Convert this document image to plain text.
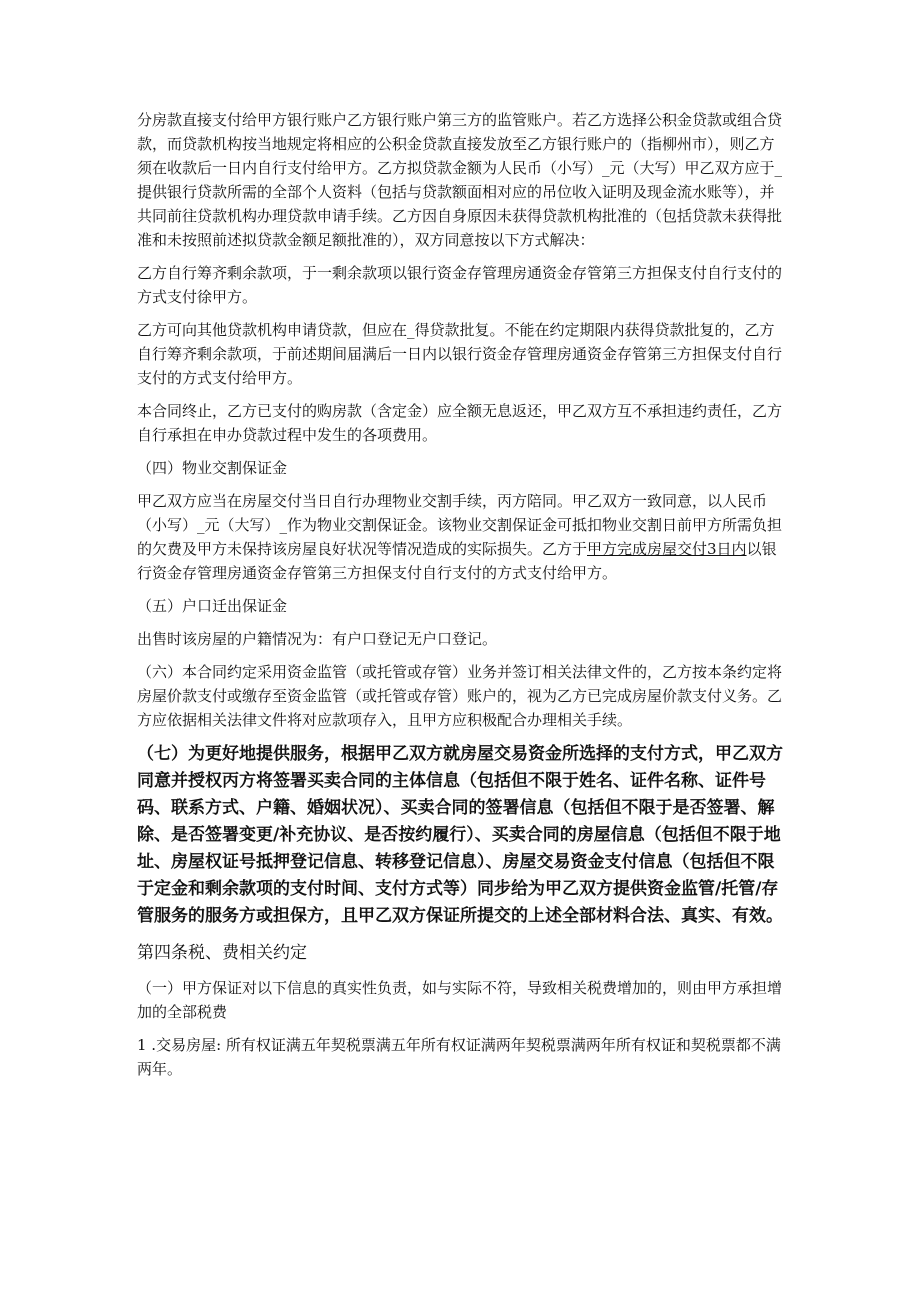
分房款直接支付给甲方银行账户乙方银行账户第三方的监管账户。若乙方选择公积金贷款或组合贷款，而贷款机构按当地规定将相应的公积金贷款直接发放至乙方银行账户的（指柳州市），则乙方须在收款后一日内自行支付给甲方。乙方拟贷款金额为人民币（小写）_元（大写）甲乙双方应于_提供银行贷款所需的全部个人资料（包括与贷款额面相对应的吊位收入证明及现金流水账等），并共同前往贷款机构办理贷款申请手续。乙方因自身原因未获得贷款机构批准的（包括贷款未获得批准和未按照前述拟贷款金额足额批准的），双方同意按以下方式解决：

乙方自行筹齐剩余款项，于一剩余款项以银行资金存管理房通资金存管第三方担保支付自行支付的方式支付徐甲方。

乙方可向其他贷款机构申请贷款，但应在_得贷款批复。不能在约定期限内获得贷款批复的，乙方自行筹齐剩余款项，于前述期间届满后一日内以银行资金存管理房通资金存管第三方担保支付自行支付的方式支付给甲方。

本合同终止，乙方已支付的购房款（含定金）应全额无息返还，甲乙双方互不承担违约责任，乙方自行承担在申办贷款过程中发生的各项费用。

（四）物业交割保证金

甲乙双方应当在房屋交付当日自行办理物业交割手续，丙方陪同。甲乙双方一致同意，以人民币（小写）_元（大写）_作为物业交割保证金。该物业交割保证金可抵扣物业交割日前甲方所需负担的欠费及甲方未保持该房屋良好状况等情况造成的实际损失。乙方于甲方完成房屋交付3日内以银行资金存管理房通资金存管第三方担保支付自行支付的方式支付给甲方。

（五）户口迁出保证金

出售时该房屋的户籍情况为：有户口登记无户口登记。

（六）本合同约定采用资金监管（或托管或存管）业务并签订相关法律文件的，乙方按本条约定将房屋价款支付或缴存至资金监管（或托管或存管）账户的，视为乙方已完成房屋价款支付义务。乙方应依据相关法律文件将对应款项存入，且甲方应积极配合办理相关手续。

（七）为更好地提供服务，根据甲乙双方就房屋交易资金所选择的支付方式，甲乙双方同意并授权丙方将签署买卖合同的主体信息（包括但不限于姓名、证件名称、证件号码、联系方式、户籍、婚姻状况）、买卖合同的签署信息（包括但不限于是否签署、解除、是否签署变更/补充协议、是否按约履行）、买卖合同的房屋信息（包括但不限于地址、房屋权证号抵押登记信息、转移登记信息）、房屋交易资金支付信息（包括但不限于定金和剩余款项的支付时间、支付方式等）同步给为甲乙双方提供资金监管/托管/存管服务的服务方或担保方，且甲乙双方保证所提交的上述全部材料合法、真实、有效。

第四条税、费相关约定

（一）甲方保证对以下信息的真实性负责，如与实际不符，导致相关税费增加的，则由甲方承担增加的全部税费

1 .交易房屋: 所有权证满五年契税票满五年所有权证满两年契税票满两年所有权证和契税票都不满两年。
